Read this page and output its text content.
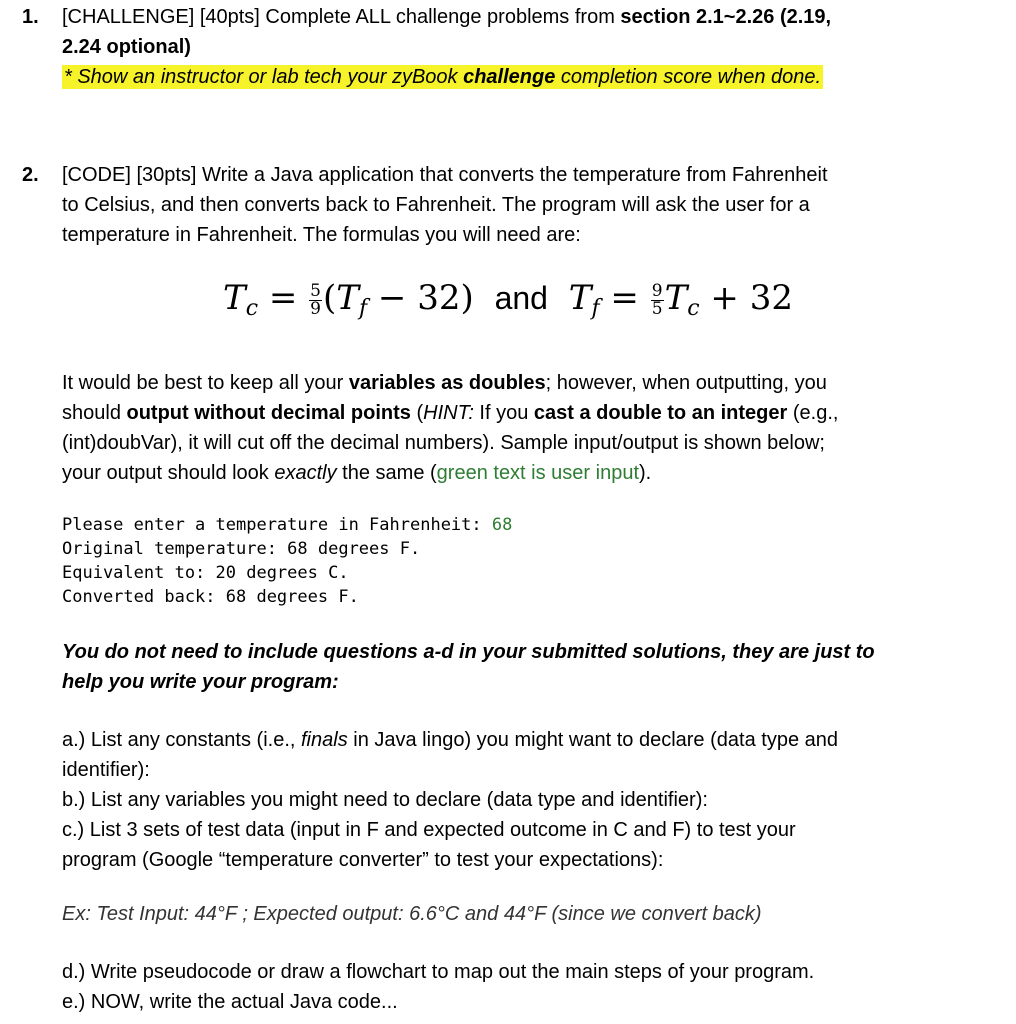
1.	[CHALLENGE] [40pts] Complete ALL challenge problems from section 2.1~2.26 (2.19,
2.24 optional)
* Show an instructor or lab tech your zyBook challenge completion score when done.
2.	[CODE] [30pts] Write a Java application that converts the temperature from Fahrenheit
to Celsius, and then converts back to Fahrenheit. The program will ask the user for a
temperature in Fahrenheit. The formulas you will need are:
$T_c = \frac{5}{9} (T_f - 32)$ and $T_f = \frac{9}{5} T_c + 32$
It would be best to keep all your variables as doubles; however, when outputting, you
should output without decimal points (HINT: If you cast a double to an integer (e.g.,
(int)doubVar), it will cut off the decimal numbers). Sample input/output is shown below;
your output should look exactly the same (green text is user input).
Please enter a temperature in Fahrenheit: 68
Original temperature: 68 degrees F.
Equivalent to: 20 degrees C.
Converted back: 68 degrees F.
You do not need to include questions a-d in your submitted solutions, they are just to
help you write your program:
a.) List any constants (i.e., finals in Java lingo) you might want to declare (data type and
identifier):
b.) List any variables you might need to declare (data type and identifier):
c.) List 3 sets of test data (input in F and expected outcome in C and F) to test your
program (Google “temperature converter” to test your expectations):
Ex: Test Input: 44°F ; Expected output: 6.6°C and 44°F (since we convert back)
d.) Write pseudocode or draw a flowchart to map out the main steps of your program.
e.) NOW, write the actual Java code...
